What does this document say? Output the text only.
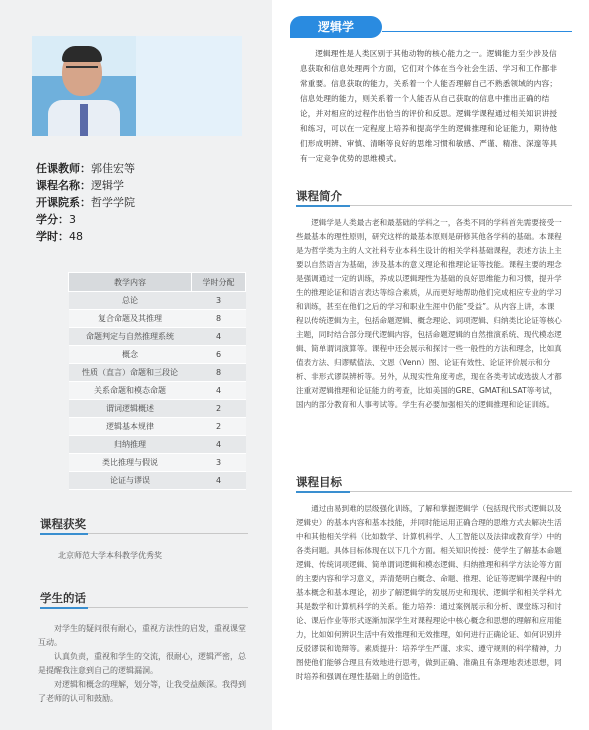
任课教师：郭佳宏等
课程名称：逻辑学
开课院系：哲学学院
学分：3
学时：48
教学内容	学时分配
总论	3
复合命题及其推理	8
命题判定与自然推理系统	4
概念	6
性质（直言）命题和三段论	8
关系命题和模态命题	4
谓词逻辑概述	2
逻辑基本规律	2
归纳推理	4
类比推理与假说	3
论证与谬误	4
课程获奖
北京师范大学本科教学优秀奖
学生的话

对学生的疑问很有耐心，重视方法性的启发，重视课堂互动。

认真负责，重视和学生的交流，很耐心，逻辑严密，总是提醒我注意到自己的逻辑漏洞。

对逻辑和概念的理解，划分等，让我受益颇深。我得到了老师的认可和鼓励。

逻辑学
逻辑理性是人类区别于其他动物的核心能力之一。逻辑能力至少涉及信息获取和信息处理两个方面，它们对个体在当今社会生活、学习和工作都非常重要。信息获取的能力，关系着一个人能否理解自己不熟悉领域的内容；信息处理的能力，则关系着一个人能否从自己获取的信息中推出正确的结论，并对相应的过程作出恰当的评价和反思。逻辑学课程通过相关知识讲授和练习，可以在一定程度上培养和提高学生的逻辑推理和论证能力，期待他们形成明辨、审慎、清晰等良好的思维习惯和敏感、严谨、精准、深邃等具有一定竞争优势的思维模式。
课程简介
逻辑学是人类最古老和最基础的学科之一，各类不同的学科首先需要接受一些最基本的理性原则，研究这样的最基本原则是研修其他各学科的基础。本课程是为哲学类为主的人文社科专业本科生设计的相关学科基础课程，表述方法上主要以自然语言为基础，涉及基本的意义理论和推理论证等技能。课程主要的理念是强调通过一定的训练，养成以逻辑理性为基础的良好思维能力和习惯，提升学生的推理论证和语言表达等综合素质，从而更好地帮助他们完成相应专业的学习和训练，甚至在他们之后的学习和职业生涯中仍能“受益”。从内容上讲，本课程以传统逻辑为主，包括命题逻辑、概念理论、词项逻辑、归纳类比论证等核心主题，同时结合部分现代逻辑内容，包括命题逻辑的自然推演系统、现代模态逻辑、简单谓词演算等。课程中还会展示和探讨一些一般性的方法和理念，比如真值表方法、归谬赋值法、文恩（Venn）图、论证有效性、论证评价展示和分析、非形式谬误辨析等。另外，从现实性角度考虑，现在各类考试或选拔人才都注重对逻辑推理和论证能力的考查，比如美国的GRE、GMAT和LSAT等考试，国内的部分教育和人事考试等。学生有必要加强相关的逻辑推理和论证训练。
课程目标
通过由易到难的层级强化训练，了解和掌握逻辑学（包括现代形式逻辑以及逻辑史）的基本内容和基本技能，并同时能运用正确合理的思维方式去解决生活中和其他相关学科（比如数学、计算机科学、人工智能以及法律或教育学）中的各类问题。具体目标体现在以下几个方面。相关知识传授：使学生了解基本命题逻辑、传统词项逻辑、简单谓词逻辑和模态逻辑、归纳推理和科学方法论等方面的主要内容和学习意义，弄清楚明白概念、命题、推理、论证等逻辑学课程中的基本概念和基本理论，初步了解逻辑学的发展历史和现状、逻辑学和相关学科尤其是数学和计算机科学的关系。能力培养：通过案例展示和分析、课堂练习和讨论、课后作业等形式逐渐加深学生对课程理论中核心概念和思想的理解和应用能力，比如如何辨识生活中有效推理和无效推理，如何进行正确论证、如何识别并反驳谬误和诡辩等。素质提升：培养学生严谨、求实、遵守规则的科学精神，力图使他们能够合理且有效地进行思考，做到正确、准确且有条理地表述思想，同时培养和强调在理性基础上的创造性。
